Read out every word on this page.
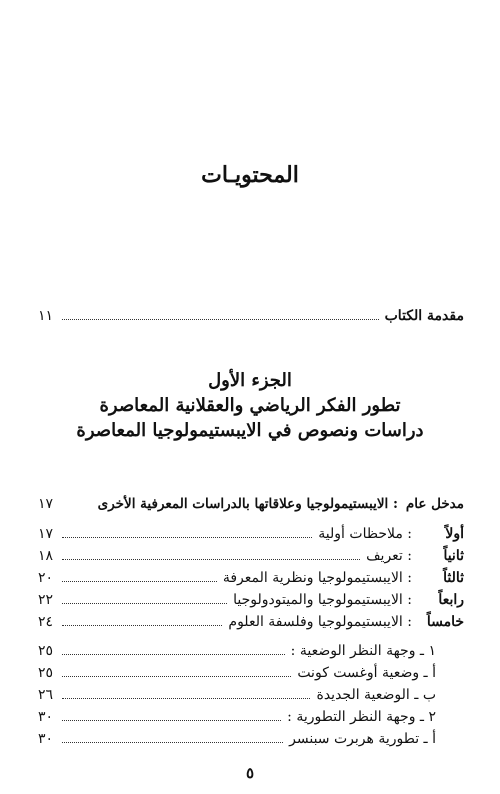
المحتويـات
مقدمة الكتاب
١١
الجزء الأول
تطور الفكر الرياضي والعقلانية المعاصرة
دراسات ونصوص في الايبستيمولوجيا المعاصرة
مدخل عام
: الايبستيمولوجيا وعلاقاتها بالدراسات المعرفية الأخرى
١٧
أولاً: ملاحظات أولية
١٧
ثانياً: تعريف
١٨
ثالثاً: الايبستيمولوجيا ونظرية المعرفة
٢٠
رابعاً: الايبستيمولوجيا والميتودولوجيا
٢٢
خامساً: الايبستيمولوجيا وفلسفة العلوم
٢٤
١ ـ وجهة النظر الوضعية :
٢٥
أ ـ وضعية أوغست كونت
٢٥
ب ـ الوضعية الجديدة
٢٦
٢ ـ وجهة النظر التطورية :
٣٠
أ ـ تطورية هربرت سبنسر
٣٠
٥
